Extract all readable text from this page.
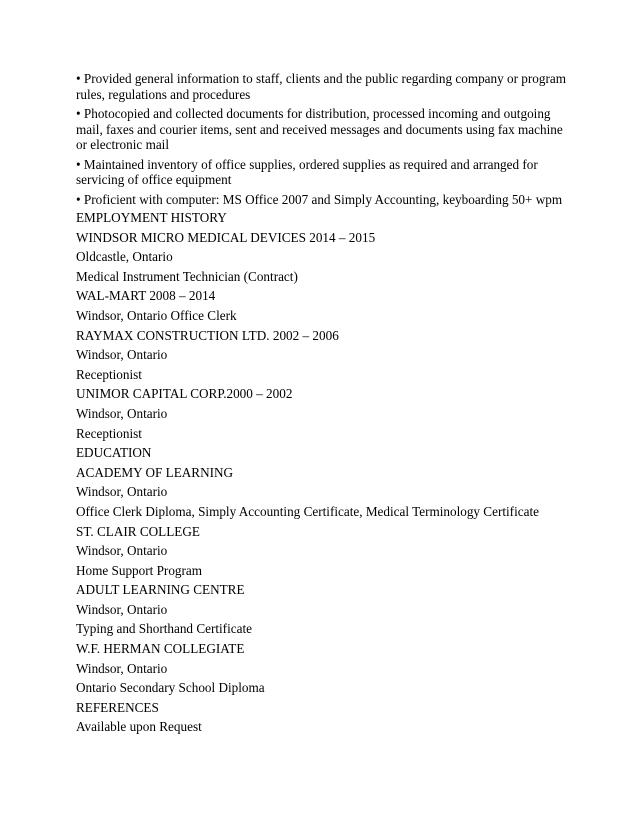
• Provided general information to staff, clients and the public regarding company or program rules, regulations and procedures
• Photocopied and collected documents for distribution, processed incoming and outgoing mail, faxes and courier items, sent and received messages and documents using fax machine or electronic mail
• Maintained inventory of office supplies, ordered supplies as required and arranged for servicing of office equipment
• Proficient with computer: MS Office 2007 and Simply Accounting, keyboarding 50+ wpm
EMPLOYMENT HISTORY
WINDSOR MICRO MEDICAL DEVICES 2014 – 2015
Oldcastle, Ontario
Medical Instrument Technician (Contract)
WAL-MART 2008 – 2014
Windsor, Ontario Office Clerk
RAYMAX CONSTRUCTION LTD. 2002 – 2006
Windsor, Ontario
Receptionist
UNIMOR CAPITAL CORP.2000 – 2002
Windsor, Ontario
Receptionist
EDUCATION
ACADEMY OF LEARNING
Windsor, Ontario
Office Clerk Diploma, Simply Accounting Certificate, Medical Terminology Certificate
ST. CLAIR COLLEGE
Windsor, Ontario
Home Support Program
ADULT LEARNING CENTRE
Windsor, Ontario
Typing and Shorthand Certificate
W.F. HERMAN COLLEGIATE
Windsor, Ontario
Ontario Secondary School Diploma
REFERENCES
Available upon Request
